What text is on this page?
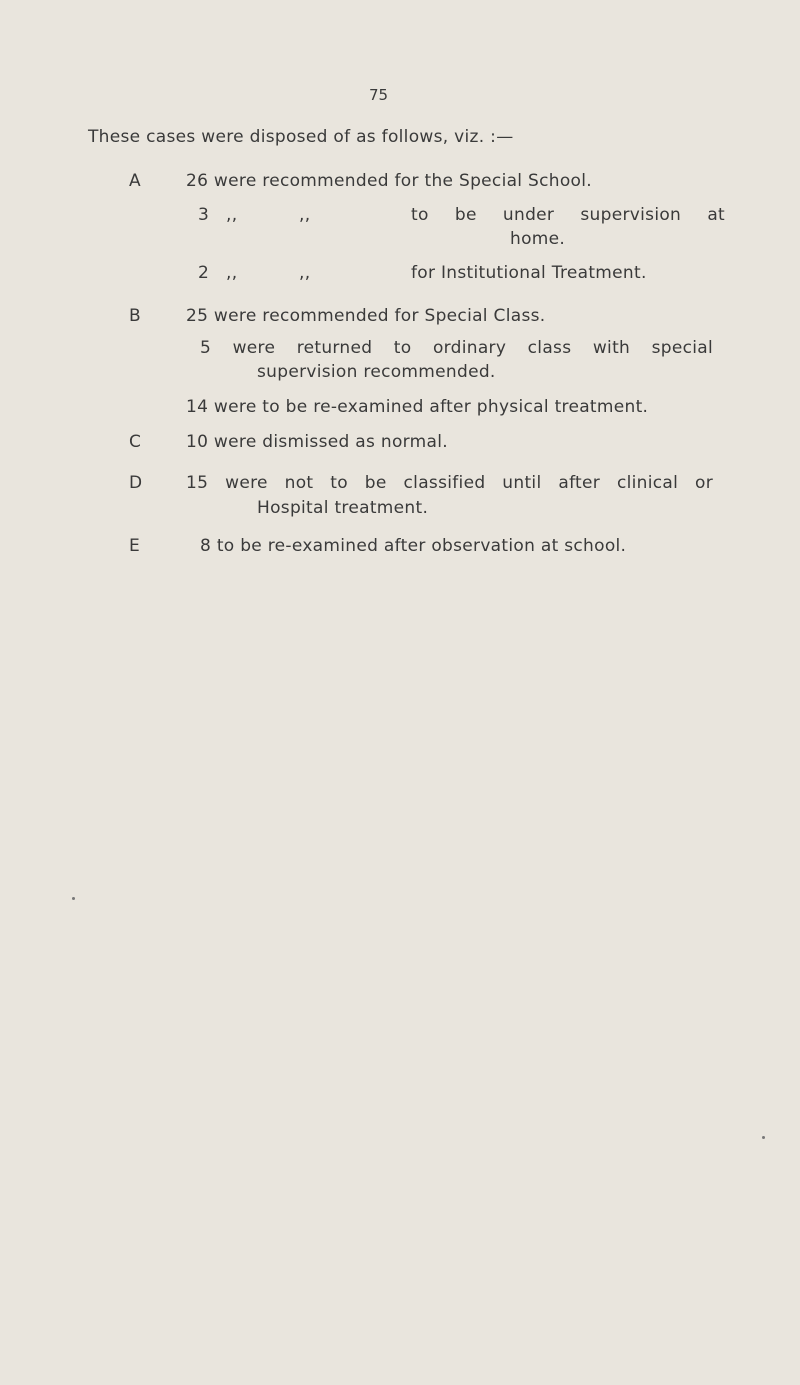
75
These cases were disposed of as follows, viz. :—
A	26 were recommended for the Special School.
3 ,,	,,	to be under supervision at
home.
2 ,,	,,	for Institutional Treatment.
B	25 were recommended for Special Class.
5 were returned to ordinary class with special
supervision recommended.
14 were to be re-examined after physical treatment.
C	10 were dismissed as normal.
D	15 were not to be classified until after clinical or
Hospital treatment.
E	8 to be re-examined after observation at school.
